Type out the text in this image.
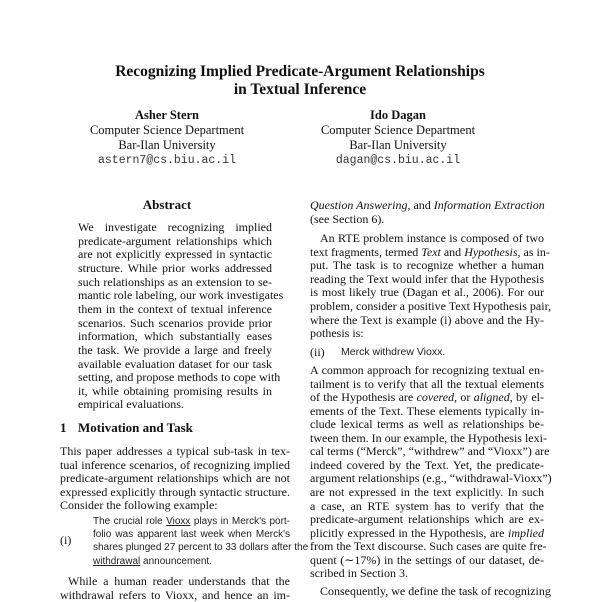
Recognizing Implied Predicate-Argument Relationships
in Textual Inference
Asher Stern
Computer Science Department
Bar-Ilan University
astern7@cs.biu.ac.il
Ido Dagan
Computer Science Department
Bar-Ilan University
dagan@cs.biu.ac.il
Abstract
1 Motivation and Task
(i)
(ii) Merck withdrew Vioxx.
We investigate recognizing implied
predicate-argument relationships which
are not explicitly expressed in syntactic
structure. While prior works addressed
such relationships as an extension to se-
mantic role labeling, our work investigates
them in the context of textual inference
scenarios. Such scenarios provide prior
information, which substantially eases
the task. We provide a large and freely
available evaluation dataset for our task
setting, and propose methods to cope with
it, while obtaining promising results in
empirical evaluations.
This paper addresses a typical sub-task in tex-
tual inference scenarios, of recognizing implied
predicate-argument relationships which are not
expressed explicitly through syntactic structure.
Consider the following example:
The crucial role Vioxx plays in Merck's port-
folio was apparent last week when Merck's
shares plunged 27 percent to 33 dollars after the
withdrawal announcement.
While a human reader understands that the
withdrawal refers to Vioxx, and hence an im-
Question Answering, and Information Extraction
(see Section 6).
An RTE problem instance is composed of two
text fragments, termed Text and Hypothesis, as in-
put. The task is to recognize whether a human
reading the Text would infer that the Hypothesis
is most likely true (Dagan et al., 2006). For our
problem, consider a positive Text Hypothesis pair,
where the Text is example (i) above and the Hy-
pothesis is:
A common approach for recognizing textual en-
tailment is to verify that all the textual elements
of the Hypothesis are covered, or aligned, by el-
ements of the Text. These elements typically in-
clude lexical terms as well as relationships be-
tween them. In our example, the Hypothesis lexi-
cal terms (“Merck”, “withdrew” and “Vioxx”) are
indeed covered by the Text. Yet, the predicate-
argument relationships (e.g., “withdrawal-Vioxx”)
are not expressed in the text explicitly. In such
a case, an RTE system has to verify that the
predicate-argument relationships which are ex-
plicitly expressed in the Hypothesis, are implied
from the Text discourse. Such cases are quite fre-
quent (∼17%) in the settings of our dataset, de-
scribed in Section 3.
Consequently, we define the task of recognizing
